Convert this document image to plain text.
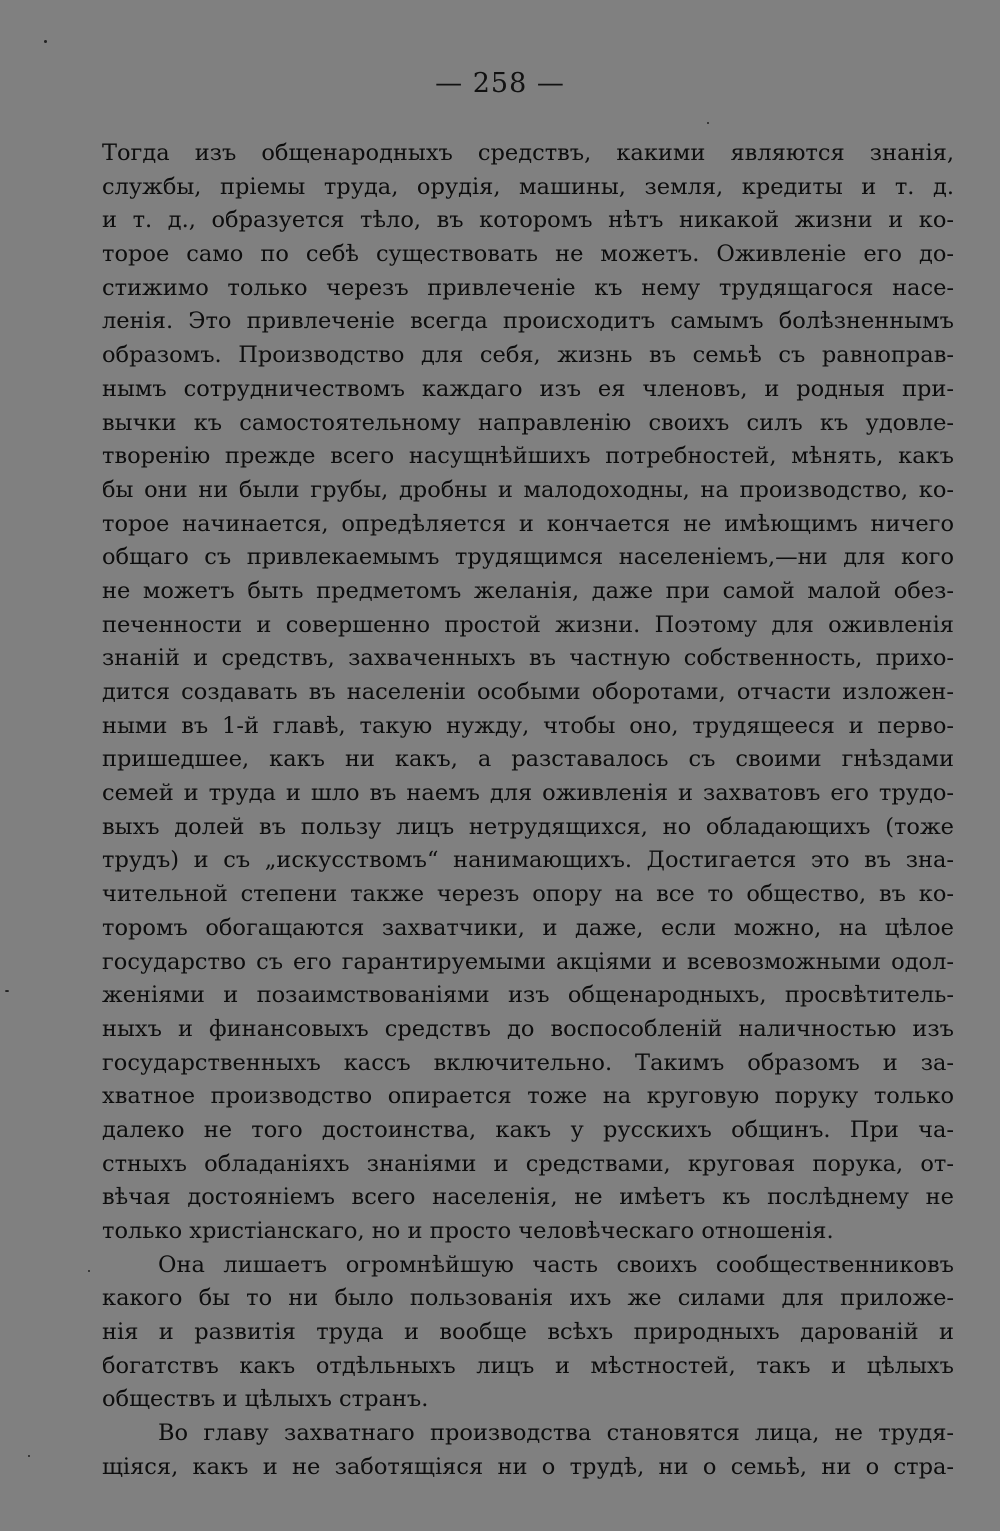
— 258 —
Тогда изъ общенародныхъ средствъ, какими являются знанія,
службы, пріемы труда, орудія, машины, земля, кредиты и т. д.
и т. д., образуется тѣло, въ которомъ нѣтъ никакой жизни и ко-
торое само по себѣ существовать не можетъ. Оживленіе его до-
стижимо только черезъ привлеченіе къ нему трудящагося насе-
ленія. Это привлеченіе всегда происходитъ самымъ болѣзненнымъ
образомъ. Производство для себя, жизнь въ семьѣ съ равноправ-
нымъ сотрудничествомъ каждаго изъ ея членовъ, и родныя при-
вычки къ самостоятельному направленію своихъ силъ къ удовле-
творенію прежде всего насущнѣйшихъ потребностей, мѣнять, какъ
бы они ни были грубы, дробны и малодоходны, на производство, ко-
торое начинается, опредѣляется и кончается не имѣющимъ ничего
общаго съ привлекаемымъ трудящимся населеніемъ,—ни для кого
не можетъ быть предметомъ желанія, даже при самой малой обез-
печенности и совершенно простой жизни. Поэтому для оживленія
знаній и средствъ, захваченныхъ въ частную собственность, прихо-
дится создавать въ населеніи особыми оборотами, отчасти изложен-
ными въ 1-й главѣ, такую нужду, чтобы оно, трудящееся и перво-
пришедшее, какъ ни какъ, а разставалось съ своими гнѣздами
семей и труда и шло въ наемъ для оживленія и захватовъ его трудо-
выхъ долей въ пользу лицъ нетрудящихся, но обладающихъ (тоже
трудъ) и съ „искусствомъ“ нанимающихъ. Достигается это въ зна-
чительной степени также черезъ опору на все то общество, въ ко-
торомъ обогащаются захватчики, и даже, если можно, на цѣлое
государство съ его гарантируемыми акціями и всевозможными одол-
женіями и позаимствованіями изъ общенародныхъ, просвѣтитель-
ныхъ и финансовыхъ средствъ до воспособленій наличностью изъ
государственныхъ кассъ включительно. Такимъ образомъ и за-
хватное производство опирается тоже на круговую поруку только
далеко не того достоинства, какъ у русскихъ общинъ. При ча-
стныхъ обладаніяхъ знаніями и средствами, круговая порука, от-
вѣчая достояніемъ всего населенія, не имѣетъ къ послѣднему не
только христіанскаго, но и просто человѣческаго отношенія.
Она лишаетъ огромнѣйшую часть своихъ сообщественниковъ
какого бы то ни было пользованія ихъ же силами для приложе-
нія и развитія труда и вообще всѣхъ природныхъ дарованій и
богатствъ какъ отдѣльныхъ лицъ и мѣстностей, такъ и цѣлыхъ
обществъ и цѣлыхъ странъ.
Во главу захватнаго производства становятся лица, не трудя-
щіяся, какъ и не заботящіяся ни о трудѣ, ни о семьѣ, ни о стра-
